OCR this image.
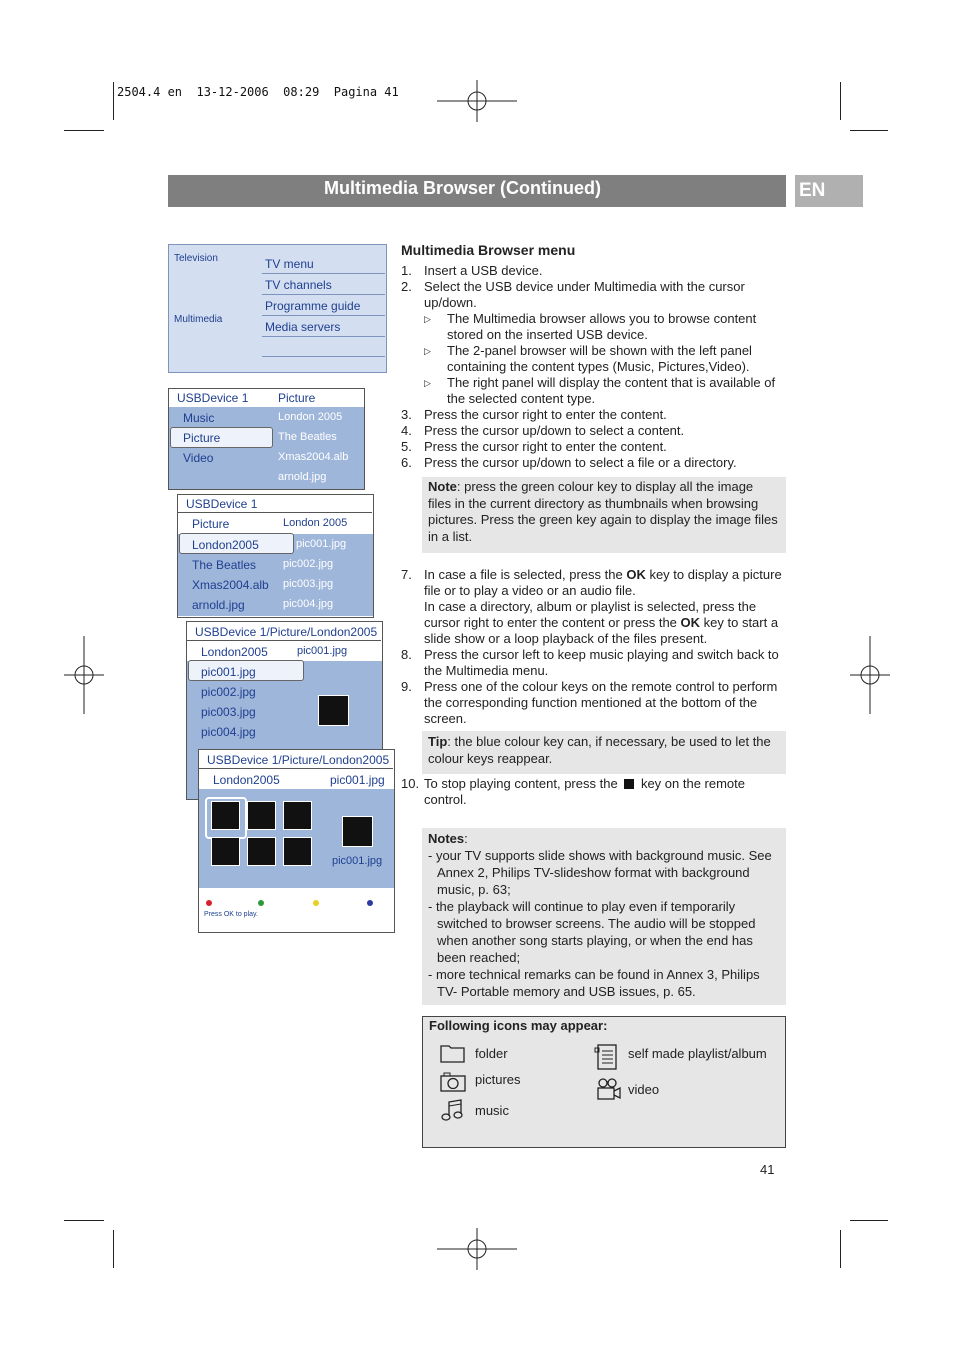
2504.4 en  13-12-2006  08:29  Pagina 41
Multimedia Browser (Continued)	EN
Television
Multimedia
TV menu
TV channels
Programme guide
Media servers
USBDevice 1 Picture
Music
Picture
Video
London 2005
The Beatles
Xmas2004.alb
arnold.jpg
USBDevice 1
Picture	London 2005
London2005
The Beatles
Xmas2004.alb
arnold.jpg
pic001.jpg
pic002.jpg
pic003.jpg
pic004.jpg
USBDevice 1/Picture/London2005
London2005	pic001.jpg
pic001.jpg
pic002.jpg
pic003.jpg
pic004.jpg
USBDevice 1/Picture/London2005
London2005	pic001.jpg
pic001.jpg
Press OK to play.
Multimedia Browser menu
1. Insert a USB device.
2. Select the USB device under Multimedia with the cursor up/down.
▷	The Multimedia browser allows you to browse content stored on the inserted USB device.
▷	The 2-panel browser will be shown with the left panel containing the content types (Music, Pictures,Video).
▷	The right panel will display the content that is available of the selected content type.
3. Press the cursor right to enter the content.
4. Press the cursor up/down to select a content.
5. Press the cursor right to enter the content.
6. Press the cursor up/down to select a file or a directory.
Note: press the green colour key to display all the image files in the current directory as thumbnails when browsing pictures. Press the green key again to display the image files in a list.
7. In case a file is selected, press the OK key to display a picture file or to play a video or an audio file.
In case a directory, album or playlist is selected, press the cursor right to enter the content or press the OK key to start a slide show or a loop playback of the files present.
8. Press the cursor left to keep music playing and switch back to the Multimedia menu.
9. Press one of the colour keys on the remote control to perform the corresponding function mentioned at the bottom of the screen.
Tip: the blue colour key can, if necessary, be used to let the colour keys reappear.
10. To stop playing content, press the key on the remote control.
Notes:
- your TV supports slide shows with background music. See Annex 2, Philips TV-slideshow format with background music, p. 63;
- the playback will continue to play even if temporarily switched to browser screens. The audio will be stopped when another song starts playing, or when the end has been reached;
- more technical remarks can be found in Annex 3, Philips TV- Portable memory and USB issues, p. 65.
Following icons may appear:
folder
pictures
music
self made playlist/album
video
41
